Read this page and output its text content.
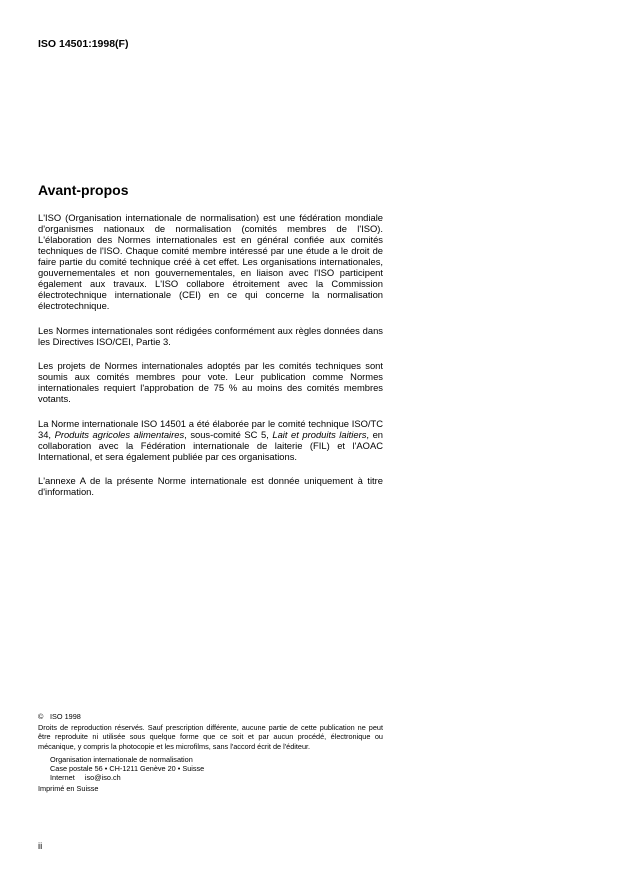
ISO 14501:1998(F)
Avant-propos

L'ISO (Organisation internationale de normalisation) est une fédération mondiale d'organismes nationaux de normalisation (comités membres de l'ISO). L'élaboration des Normes internationales est en général confiée aux comités techniques de l'ISO. Chaque comité membre intéressé par une étude a le droit de faire partie du comité technique créé à cet effet. Les organisations internationales, gouvernementales et non gouvernementales, en liaison avec l'ISO participent également aux travaux. L'ISO collabore étroitement avec la Commission électrotechnique internationale (CEI) en ce qui concerne la normalisation électrotechnique.

Les Normes internationales sont rédigées conformément aux règles données dans les Directives ISO/CEI, Partie 3.

Les projets de Normes internationales adoptés par les comités techniques sont soumis aux comités membres pour vote. Leur publication comme Normes internationales requiert l'approbation de 75 % au moins des comités membres votants.

La Norme internationale ISO 14501 a été élaborée par le comité technique ISO/TC 34, Produits agricoles alimentaires, sous-comité SC 5, Lait et produits laitiers, en collaboration avec la Fédération internationale de laiterie (FIL) et l'AOAC International, et sera également publiée par ces organisations.

L'annexe A de la présente Norme internationale est donnée uniquement à titre d'information.

© ISO 1998

Droits de reproduction réservés. Sauf prescription différente, aucune partie de cette publication ne peut être reproduite ni utilisée sous quelque forme que ce soit et par aucun procédé, électronique ou mécanique, y compris la photocopie et les microfilms, sans l'accord écrit de l'éditeur.

Organisation internationale de normalisation
Case postale 56 • CH-1211 Genève 20 • Suisse
Internet     iso@iso.ch
Imprimé en Suisse
ii
